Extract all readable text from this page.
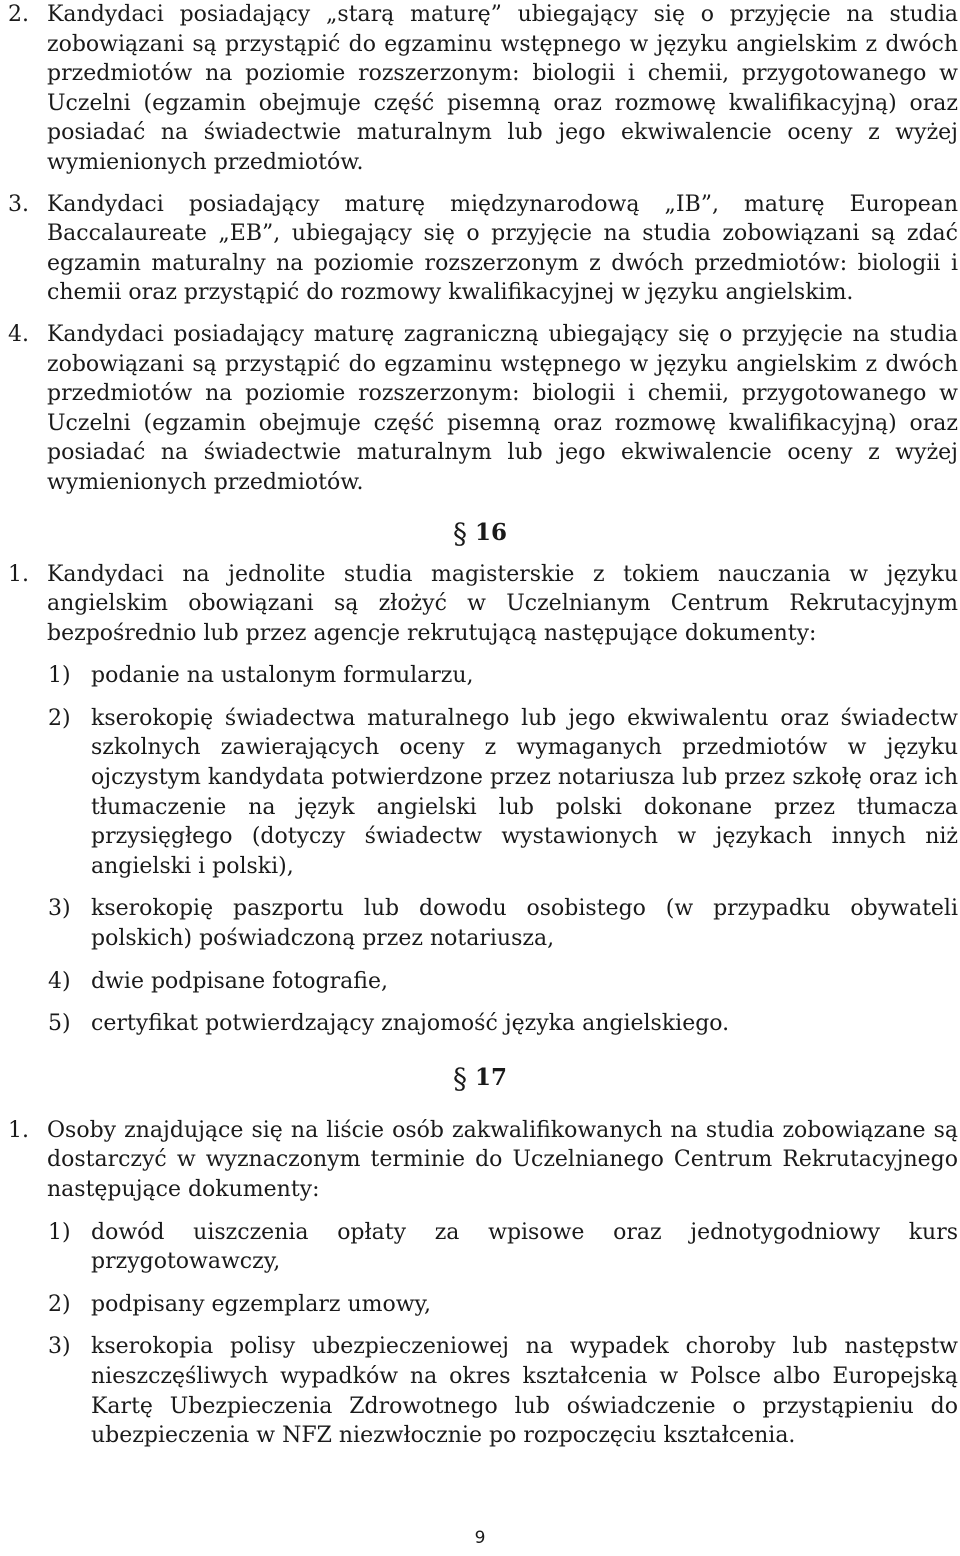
2. Kandydaci posiadający „starą maturę” ubiegający się o przyjęcie na studia zobowiązani są przystąpić do egzaminu wstępnego w języku angielskim z dwóch przedmiotów na poziomie rozszerzonym: biologii i chemii, przygotowanego w Uczelni (egzamin obejmuje część pisemną oraz rozmowę kwalifikacyjną) oraz posiadać na świadectwie maturalnym lub jego ekwiwalencie oceny z wyżej wymienionych przedmiotów.

3. Kandydaci posiadający maturę międzynarodową „IB”, maturę European Baccalaureate „EB”, ubiegający się o przyjęcie na studia zobowiązani są zdać egzamin maturalny na poziomie rozszerzonym z dwóch przedmiotów: biologii i chemii oraz przystąpić do rozmowy kwalifikacyjnej w języku angielskim.

4. Kandydaci posiadający maturę zagraniczną ubiegający się o przyjęcie na studia zobowiązani są przystąpić do egzaminu wstępnego w języku angielskim z dwóch przedmiotów na poziomie rozszerzonym: biologii i chemii, przygotowanego w Uczelni (egzamin obejmuje część pisemną oraz rozmowę kwalifikacyjną) oraz posiadać na świadectwie maturalnym lub jego ekwiwalencie oceny z wyżej wymienionych przedmiotów.

§ 16

1. Kandydaci na jednolite studia magisterskie z tokiem nauczania w języku angielskim obowiązani są złożyć w Uczelnianym Centrum Rekrutacyjnym bezpośrednio lub przez agencje rekrutującą następujące dokumenty:

1) podanie na ustalonym formularzu,

2) kserokopię świadectwa maturalnego lub jego ekwiwalentu oraz świadectw szkolnych zawierających oceny z wymaganych przedmiotów w języku ojczystym kandydata potwierdzone przez notariusza lub przez szkołę oraz ich tłumaczenie na język angielski lub polski dokonane przez tłumacza przysięgłego (dotyczy świadectw wystawionych w językach innych niż angielski i polski),

3) kserokopię paszportu lub dowodu osobistego (w przypadku obywateli polskich) poświadczoną przez notariusza,

4) dwie podpisane fotografie,

5) certyfikat potwierdzający znajomość języka angielskiego.

§ 17

1. Osoby znajdujące się na liście osób zakwalifikowanych na studia zobowiązane są dostarczyć w wyznaczonym terminie do Uczelnianego Centrum Rekrutacyjnego następujące dokumenty:

1) dowód uiszczenia opłaty za wpisowe oraz jednotygodniowy kurs przygotowawczy,

2) podpisany egzemplarz umowy,

3) kserokopia polisy ubezpieczeniowej na wypadek choroby lub następstw nieszczęśliwych wypadków na okres kształcenia w Polsce albo Europejską Kartę Ubezpieczenia Zdrowotnego lub oświadczenie o przystąpieniu do ubezpieczenia w NFZ niezwłocznie po rozpoczęciu kształcenia.

9
